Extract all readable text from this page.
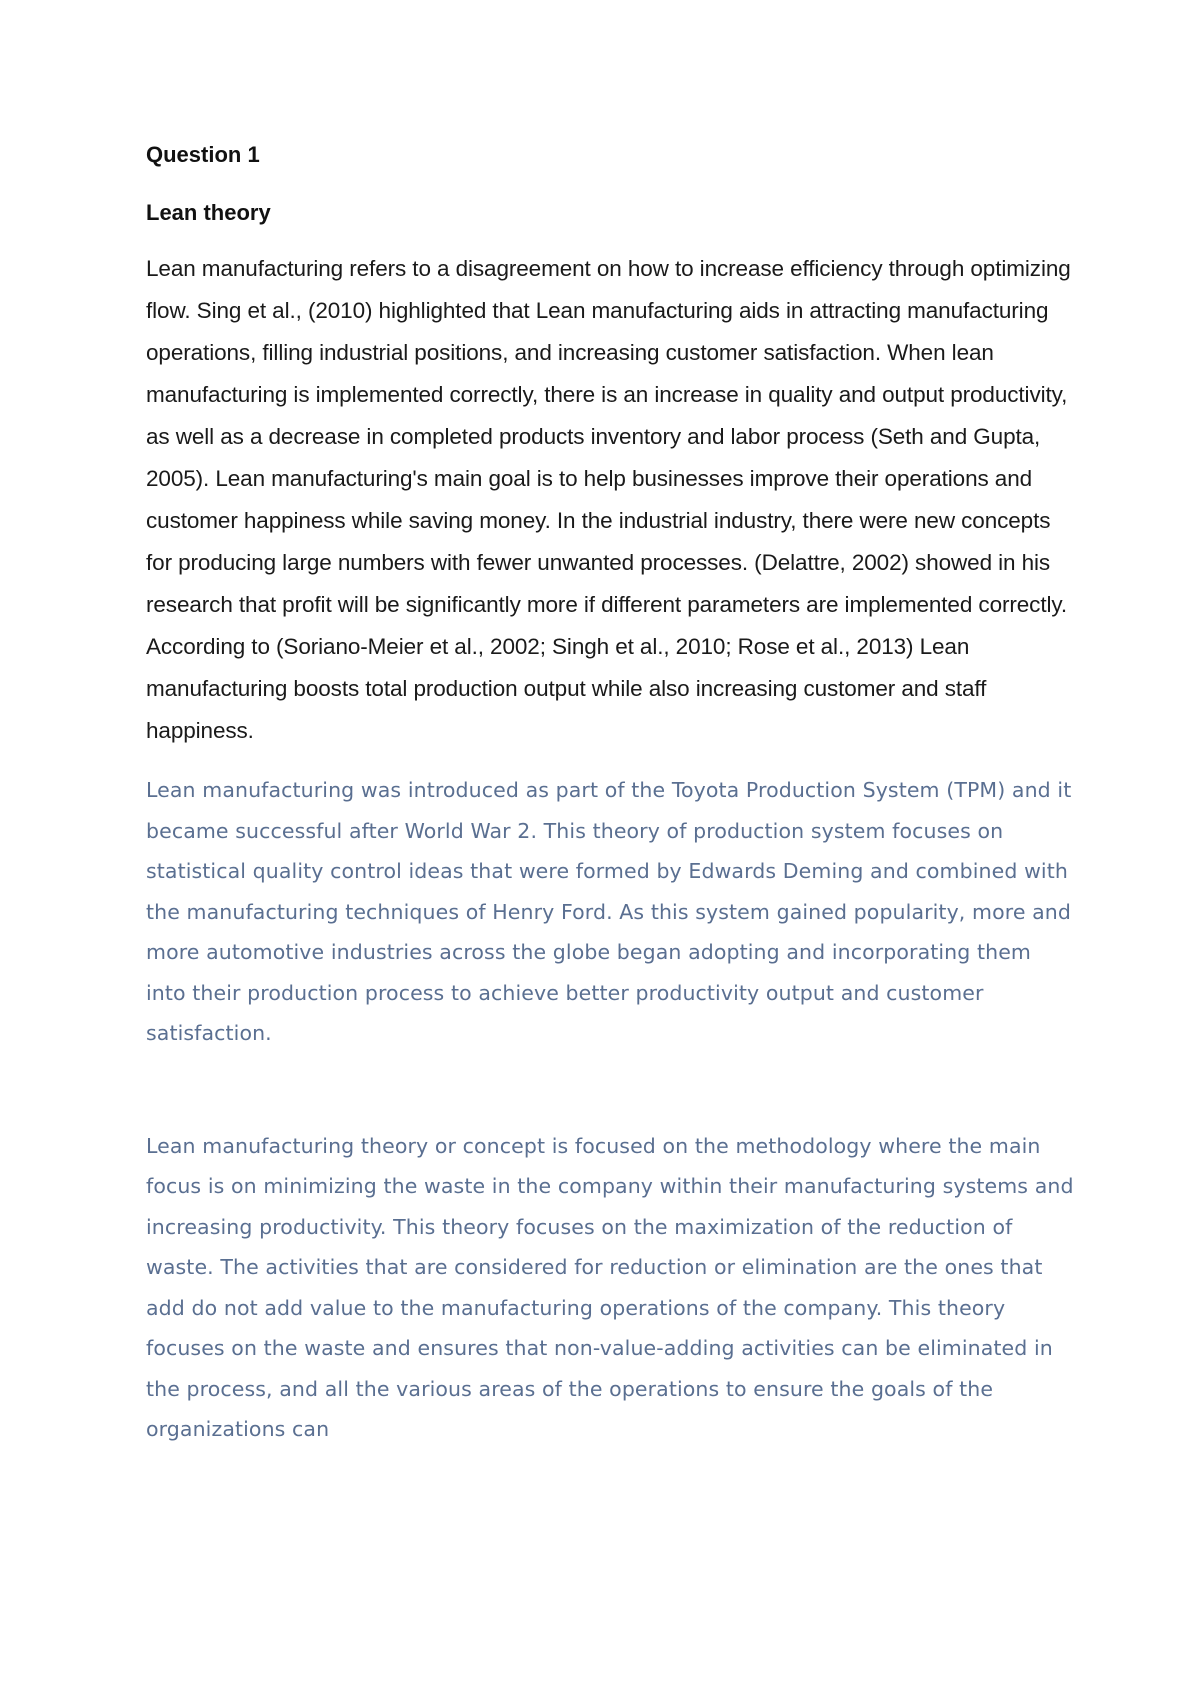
Question 1
Lean theory

Lean manufacturing refers to a disagreement on how to increase efficiency through optimizing flow. Sing et al., (2010) highlighted that Lean manufacturing aids in attracting manufacturing operations, filling industrial positions, and increasing customer satisfaction. When lean manufacturing is implemented correctly, there is an increase in quality and output productivity, as well as a decrease in completed products inventory and labor process (Seth and Gupta, 2005). Lean manufacturing's main goal is to help businesses improve their operations and customer happiness while saving money. In the industrial industry, there were new concepts for producing large numbers with fewer unwanted processes. (Delattre, 2002) showed in his research that profit will be significantly more if different parameters are implemented correctly. According to (Soriano-Meier et al., 2002; Singh et al., 2010; Rose et al., 2013) Lean manufacturing boosts total production output while also increasing customer and staff happiness.

Lean manufacturing was introduced as part of the Toyota Production System (TPM) and it became successful after World War 2. This theory of production system focuses on statistical quality control ideas that were formed by Edwards Deming and combined with the manufacturing techniques of Henry Ford. As this system gained popularity, more and more automotive industries across the globe began adopting and incorporating them into their production process to achieve better productivity output and customer satisfaction.

Lean manufacturing theory or concept is focused on the methodology where the main focus is on minimizing the waste in the company within their manufacturing systems and increasing productivity. This theory focuses on the maximization of the reduction of waste. The activities that are considered for reduction or elimination are the ones that add do not add value to the manufacturing operations of the company. This theory focuses on the waste and ensures that non-value-adding activities can be eliminated in the process, and all the various areas of the operations to ensure the goals of the organizations can
